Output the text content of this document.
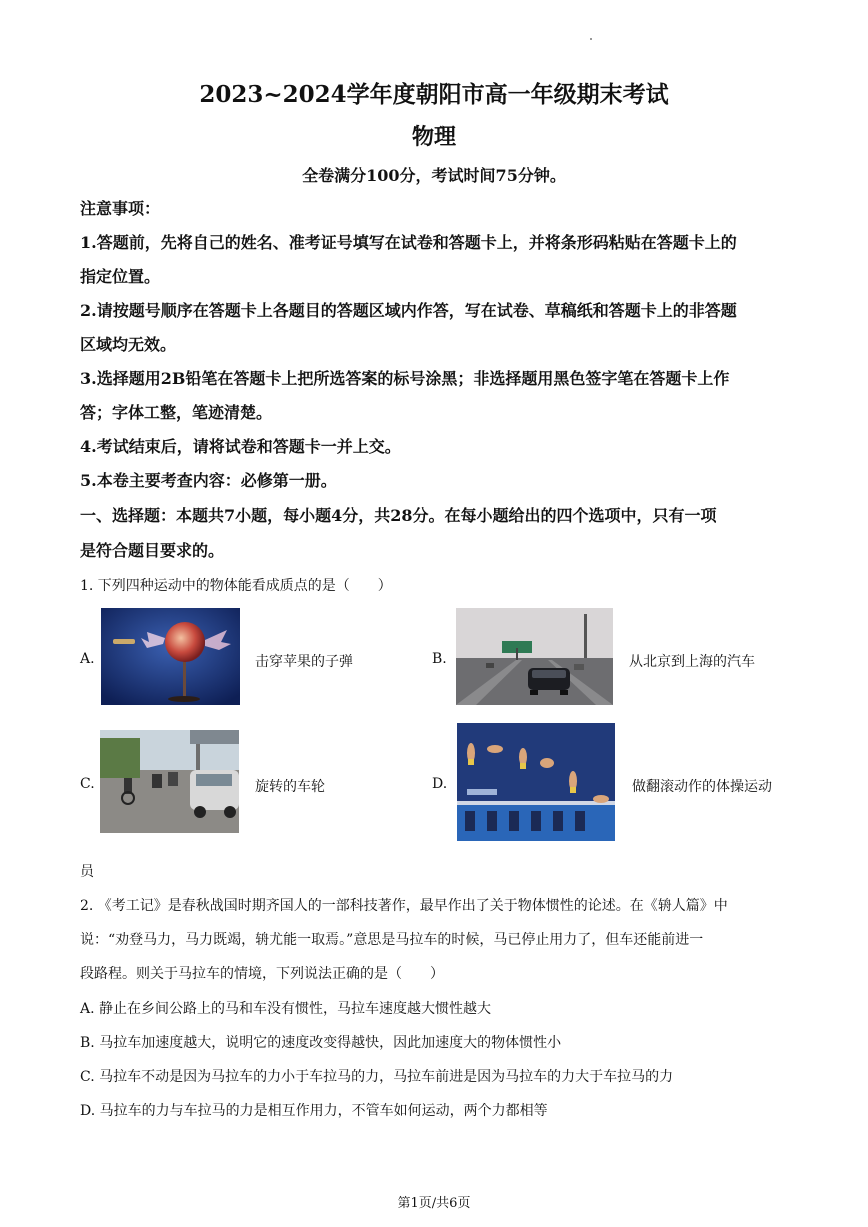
2023~2024学年度朝阳市高一年级期末考试
物理
全卷满分100分，考试时间75分钟。
注意事项：
1.答题前，先将自己的姓名、准考证号填写在试卷和答题卡上，并将条形码粘贴在答题卡上的
指定位置。
2.请按题号顺序在答题卡上各题目的答题区域内作答，写在试卷、草稿纸和答题卡上的非答题
区域均无效。
3.选择题用2B铅笔在答题卡上把所选答案的标号涂黑；非选择题用黑色签字笔在答题卡上作
答；字体工整，笔迹清楚。
4.考试结束后，请将试卷和答题卡一并上交。
5.本卷主要考查内容：必修第一册。
一、选择题：本题共7小题，每小题4分，共28分。在每小题给出的四个选项中，只有一项
是符合题目要求的。
1. 下列四种运动中的物体能看成质点的是（　　）
A.	击穿苹果的子弹	B.	从北京到上海的汽车
C.	旋转的车轮	D.	做翻滚动作的体操运动
员
2. 《考工记》是春秋战国时期齐国人的一部科技著作，最早作出了关于物体惯性的论述。在《辀人篇》中
说：“劝登马力，马力既竭，辀尤能一取焉。”意思是马拉车的时候，马已停止用力了，但车还能前进一
段路程。则关于马拉车的情境，下列说法正确的是（　　）
A. 静止在乡间公路上的马和车没有惯性，马拉车速度越大惯性越大
B. 马拉车加速度越大，说明它的速度改变得越快，因此加速度大的物体惯性小
C. 马拉车不动是因为马拉车的力小于车拉马的力，马拉车前进是因为马拉车的力大于车拉马的力
D. 马拉车的力与车拉马的力是相互作用力，不管车如何运动，两个力都相等
第1页/共6页
